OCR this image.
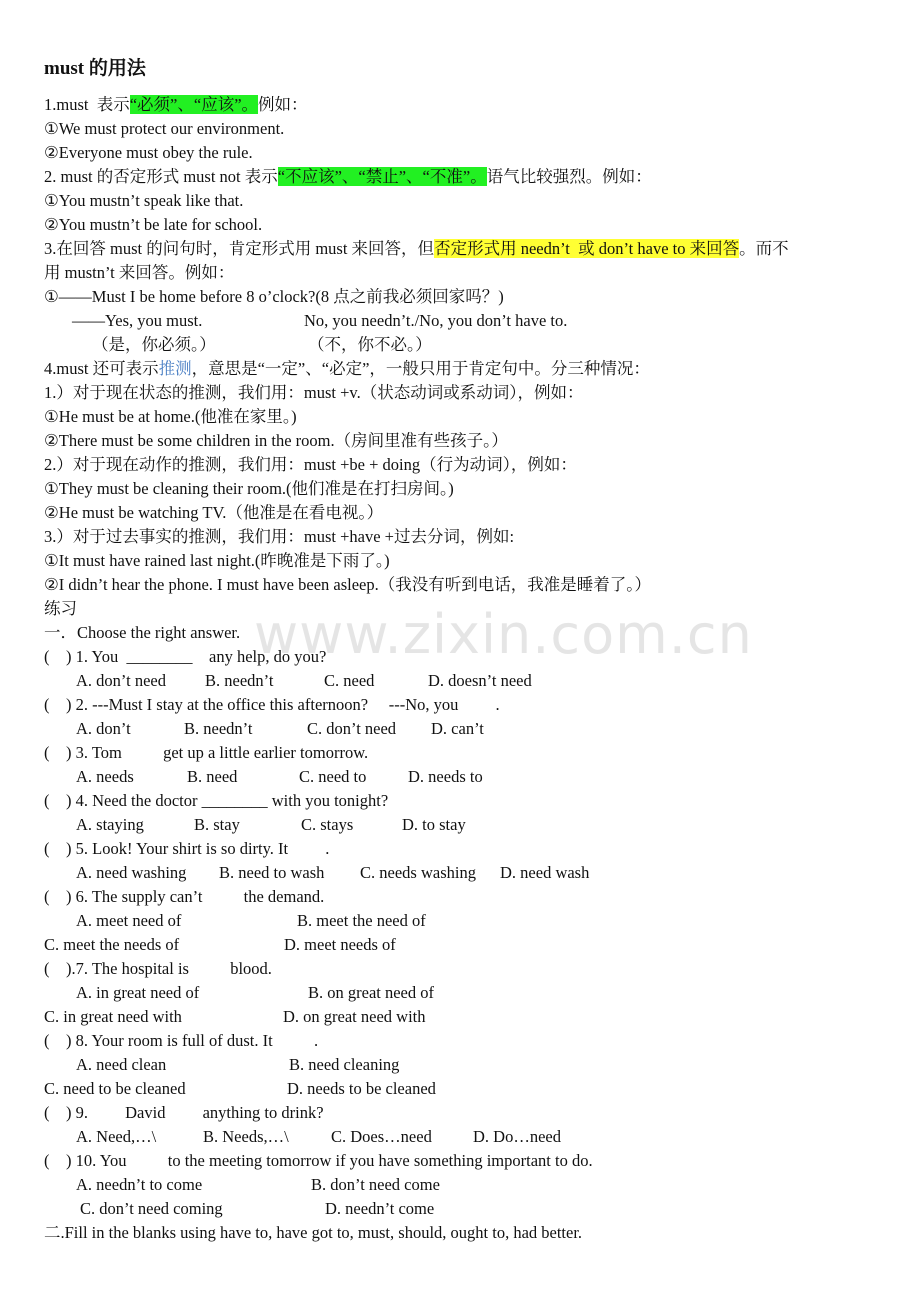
www.zixin.com.cn
must 的用法
1.must  表示“必须”、“应该”。例如：
①We must protect our environment.
②Everyone must obey the rule.
2. must 的否定形式 must not 表示“不应该”、“禁止”、“不准”。语气比较强烈。例如：
①You mustn’t speak like that.
②You mustn’t be late for school.
3.在回答 must 的问句时，肯定形式用 must 来回答，但否定形式用 needn’t  或 don’t have to 来回答。而不
用 mustn’t 来回答。例如：
①——Must I be home before 8 o’clock?(8 点之前我必须回家吗？)
——Yes, you must.	No, you needn’t./No, you don’t have to.
（是，你必须。）	（不，你不必。）
4.must 还可表示推测，意思是“一定”、“必定”，一般只用于肯定句中。分三种情况：
1.）对于现在状态的推测，我们用：must +v.（状态动词或系动词），例如：
①He must be at home.(他准在家里。)
②There must be some children in the room.（房间里准有些孩子。）
2.）对于现在动作的推测，我们用：must +be + doing（行为动词），例如：
①They must be cleaning their room.(他们准是在打扫房间。)
②He must be watching TV.（他准是在看电视。）
3.）对于过去事实的推测，我们用：must +have +过去分词，例如:
①It must have rained last night.(昨晚准是下雨了。)
②I didn’t hear the phone. I must have been asleep.（我没有听到电话，我准是睡着了。）
练习
一．Choose the right answer.
(    ) 1. You  ________    any help, do you?
A. don’t need B. needn’t	C. need	D. doesn’t need
(    ) 2. ---Must I stay at the office this afternoon?     ---No, you         .
A. don’t	B. needn’t	C. don’t need D. can’t
(    ) 3. Tom          get up a little earlier tomorrow.
A. needs	B. need	C. need to	D. needs to
(    ) 4. Need the doctor ________ with you tonight?
A. staying	B. stay	C. stays	D. to stay
(    ) 5. Look! Your shirt is so dirty. It         .
A. need washing B. need to wash C. needs washing D. need wash
(    ) 6. The supply can’t          the demand.
A. meet need of	B. meet the need of
C. meet the needs of	D. meet needs of
(    ).7. The hospital is          blood.
A. in great need of	B. on great need of
C. in great need with	D. on great need with
(    ) 8. Your room is full of dust. It          .
A. need clean	B. need cleaning
C. need to be cleaned	D. needs to be cleaned
(    ) 9.         David         anything to drink?
A. Need,…\	B. Needs,…\	C. Does…need D. Do…need
(    ) 10. You          to the meeting tomorrow if you have something important to do.
A. needn’t to come	B. don’t need come
C. don’t need coming	D. needn’t come
二.Fill in the blanks using have to, have got to, must, should, ought to, had better.
